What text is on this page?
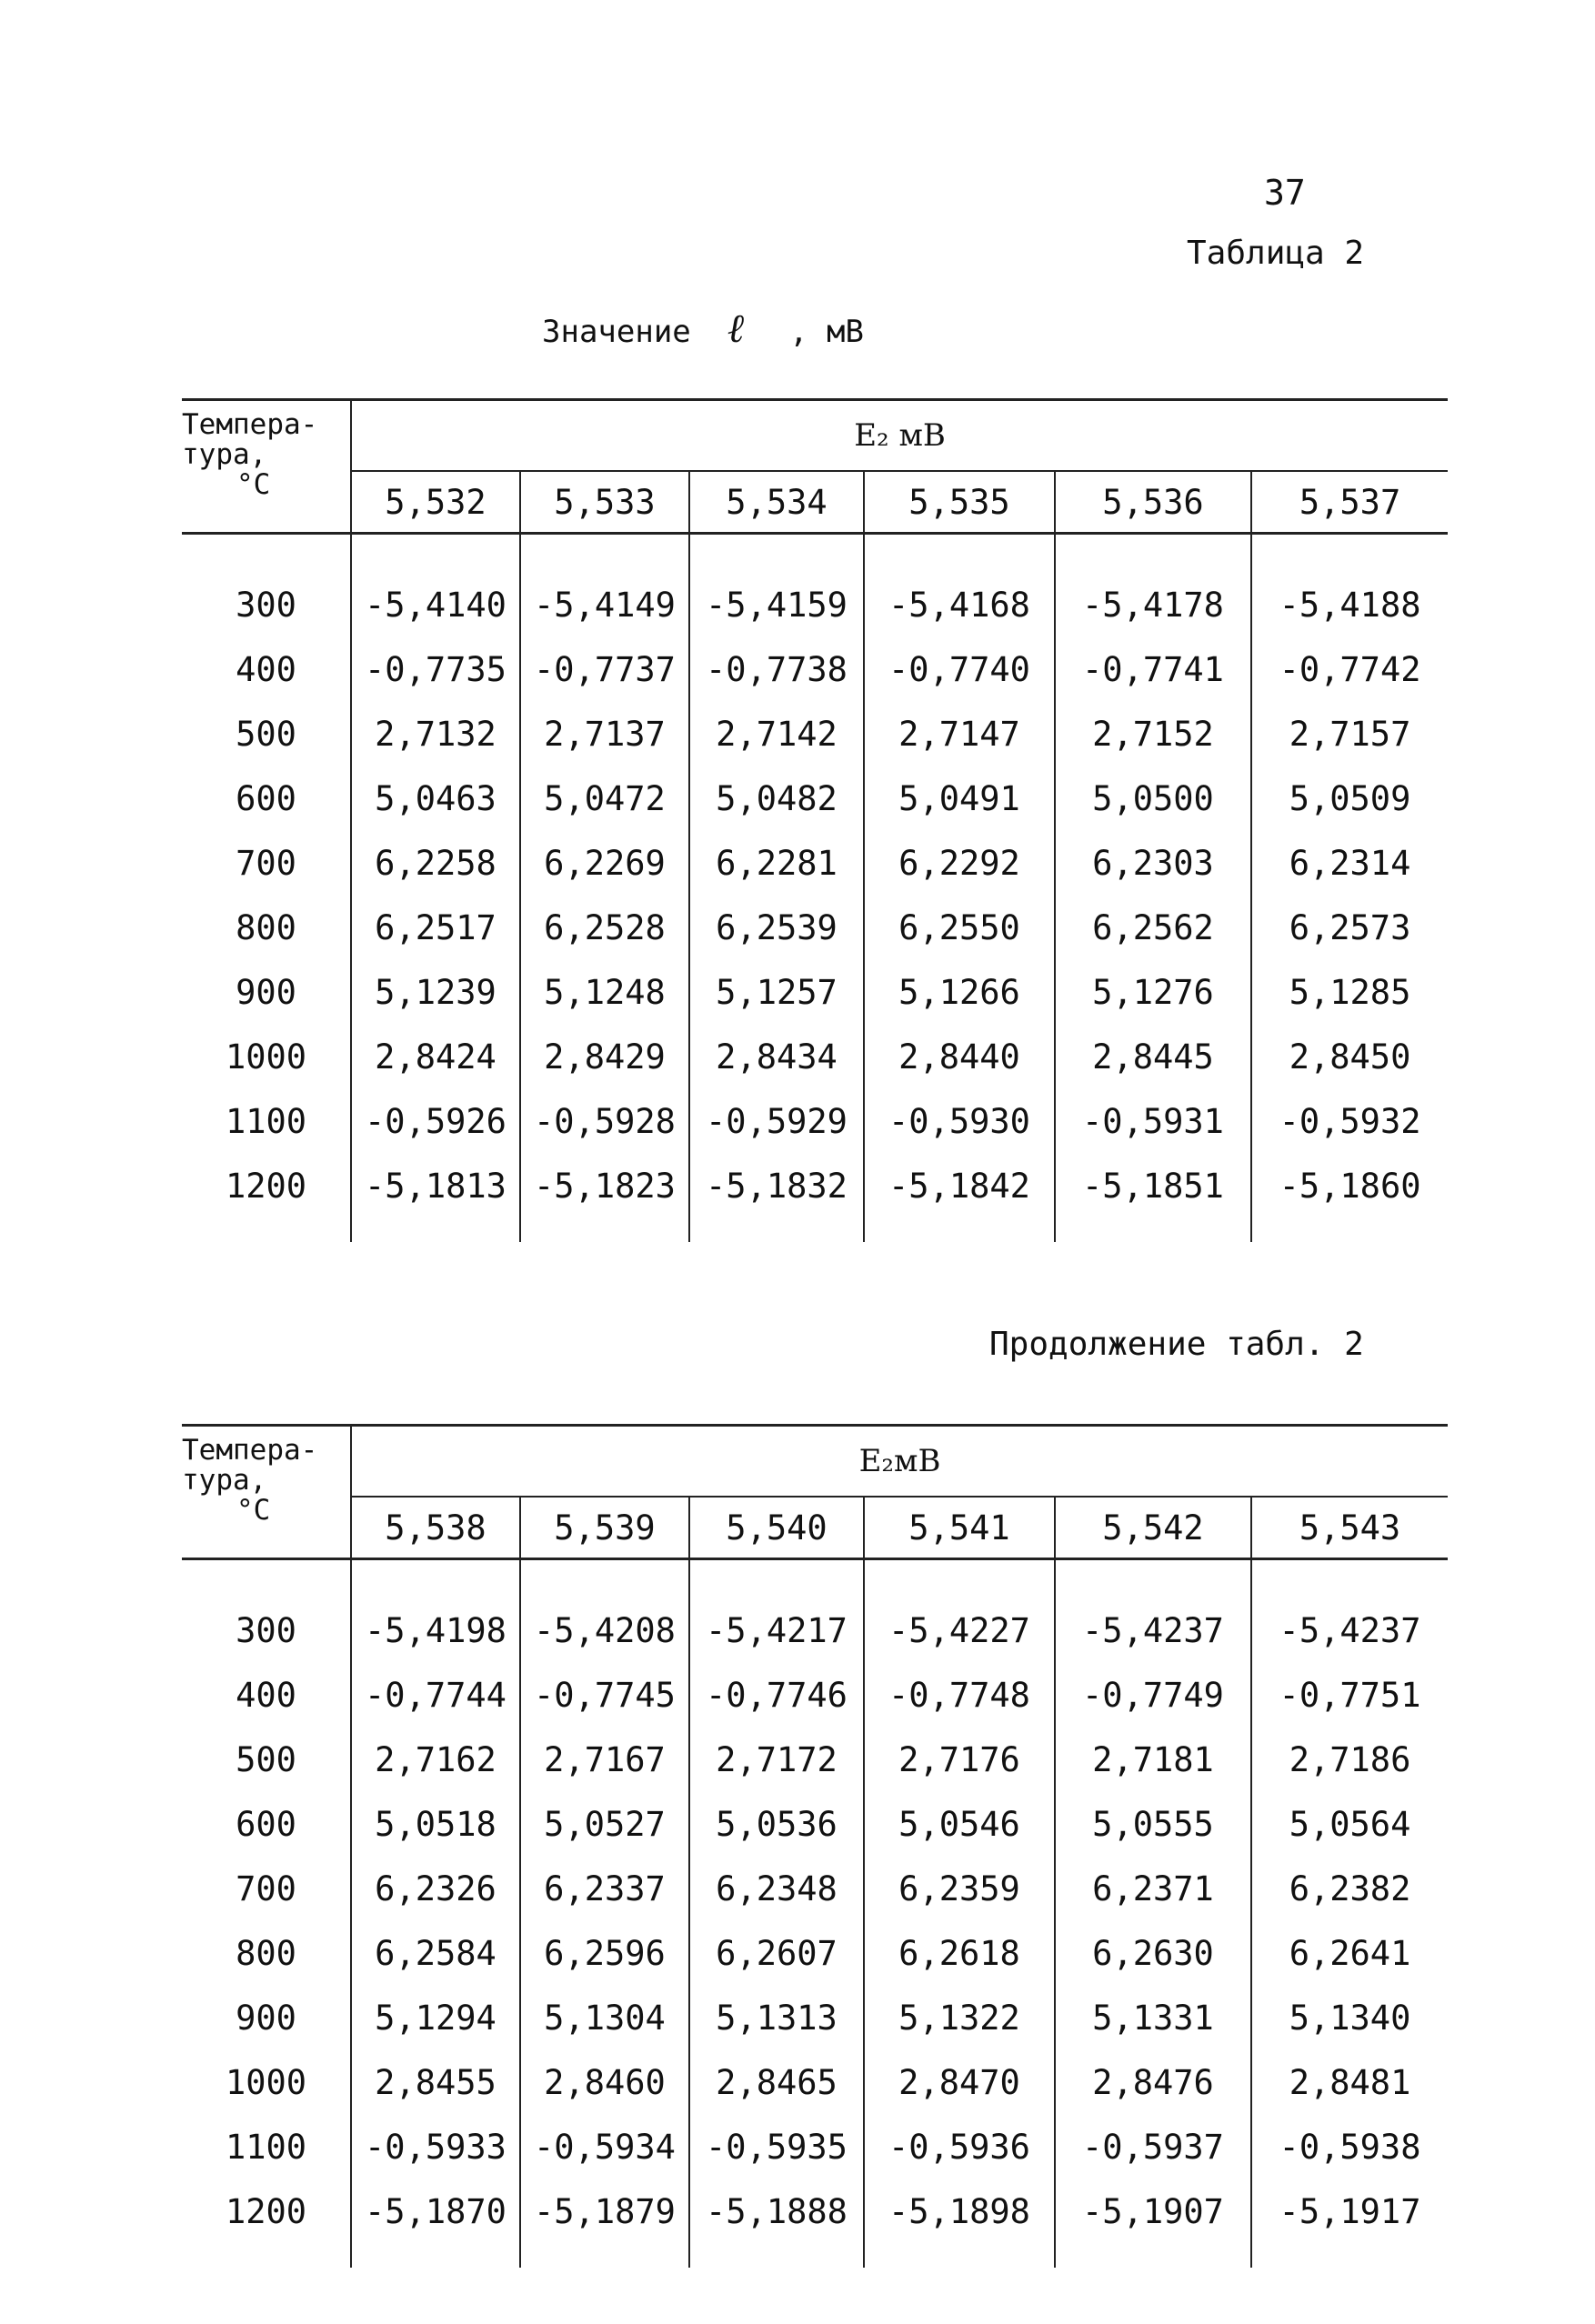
37
Таблица 2
Значение ℓ , мВ
Темпера-
тура,
°C	E₂ мВ					
	5,532	5,533	5,534	5,535	5,536	5,537

300	-5,4140	-5,4149	-5,4159	-5,4168	-5,4178	-5,4188
400	-0,7735	-0,7737	-0,7738	-0,7740	-0,7741	-0,7742
500	2,7132	2,7137	2,7142	2,7147	2,7152	2,7157
600	5,0463	5,0472	5,0482	5,0491	5,0500	5,0509
700	6,2258	6,2269	6,2281	6,2292	6,2303	6,2314
800	6,2517	6,2528	6,2539	6,2550	6,2562	6,2573
900	5,1239	5,1248	5,1257	5,1266	5,1276	5,1285
1000	2,8424	2,8429	2,8434	2,8440	2,8445	2,8450
1100	-0,5926	-0,5928	-0,5929	-0,5930	-0,5931	-0,5932
1200	-5,1813	-5,1823	-5,1832	-5,1842	-5,1851	-5,1860

Продолжение табл. 2
Темпера-
тура,
°C	E₂мВ					
	5,538	5,539	5,540	5,541	5,542	5,543

300	-5,4198	-5,4208	-5,4217	-5,4227	-5,4237	-5,4237
400	-0,7744	-0,7745	-0,7746	-0,7748	-0,7749	-0,7751
500	2,7162	2,7167	2,7172	2,7176	2,7181	2,7186
600	5,0518	5,0527	5,0536	5,0546	5,0555	5,0564
700	6,2326	6,2337	6,2348	6,2359	6,2371	6,2382
800	6,2584	6,2596	6,2607	6,2618	6,2630	6,2641
900	5,1294	5,1304	5,1313	5,1322	5,1331	5,1340
1000	2,8455	2,8460	2,8465	2,8470	2,8476	2,8481
1100	-0,5933	-0,5934	-0,5935	-0,5936	-0,5937	-0,5938
1200	-5,1870	-5,1879	-5,1888	-5,1898	-5,1907	-5,1917
